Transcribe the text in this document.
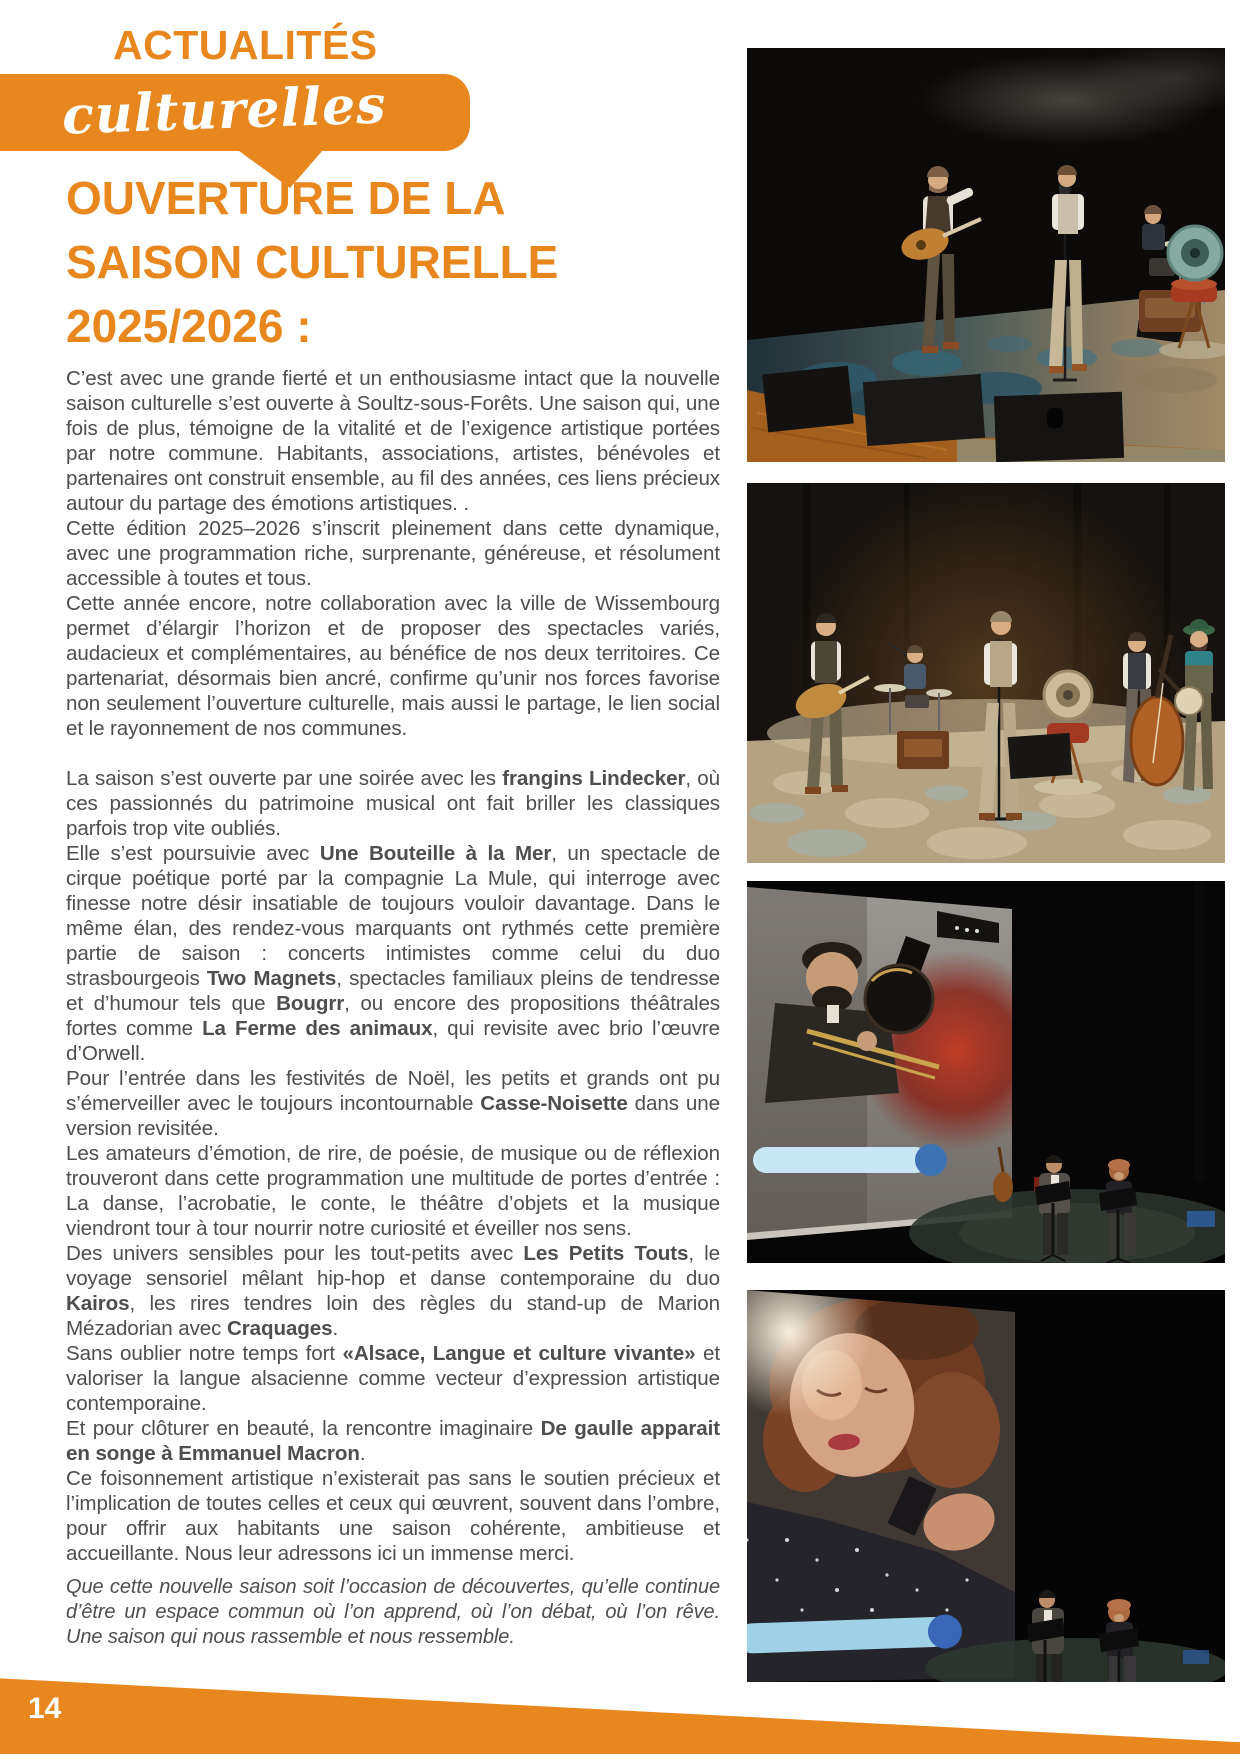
ACTUALITÉS
culturelles
OUVERTURE DE LA
SAISON CULTURELLE
2025/2026 :

C’est avec une grande fierté et un enthousiasme intact que la nouvelle saison culturelle s’est ouverte à Soultz-sous-Forêts. Une saison qui, une fois de plus, témoigne de la vitalité et de l’exigence artistique portées par notre commune. Habitants, associations, artistes, bénévoles et partenaires ont construit ensemble, au fil des années, ces liens précieux autour du partage des émotions artistiques. .

Cette édition 2025–2026 s’inscrit pleinement dans cette dynamique, avec une programmation riche, surprenante, généreuse, et résolument accessible à toutes et tous.

Cette année encore, notre collaboration avec la ville de Wissembourg permet d’élargir l’horizon et de proposer des spectacles variés, audacieux et complémentaires, au bénéfice de nos deux territoires. Ce partenariat, désormais bien ancré, confirme qu’unir nos forces favorise non seulement l’ouverture culturelle, mais aussi le partage, le lien social et le rayonnement de nos communes.

La saison s’est ouverte par une soirée avec les frangins Lindecker, où ces passionnés du patrimoine musical ont fait briller les classiques parfois trop vite oubliés.

Elle s’est poursuivie avec Une Bouteille à la Mer, un spectacle de cirque poétique porté par la compagnie La Mule, qui interroge avec finesse notre désir insatiable de toujours vouloir davantage. Dans le même élan, des rendez-vous marquants ont rythmés cette première partie de saison : concerts intimistes comme celui du duo strasbourgeois Two Magnets, spectacles familiaux pleins de tendresse et d’humour tels que Bougrr, ou encore des propositions théâtrales fortes comme La Ferme des animaux, qui revisite avec brio l’œuvre d’Orwell.

Pour l’entrée dans les festivités de Noël, les petits et grands ont pu s’émerveiller avec le toujours incontournable Casse-Noisette dans une version revisitée.

Les amateurs d’émotion, de rire, de poésie, de musique ou de réflexion trouveront dans cette programmation une multitude de portes d’entrée : La danse, l’acrobatie, le conte, le théâtre d’objets et la musique viendront tour à tour nourrir notre curiosité et éveiller nos sens.

Des univers sensibles pour les tout-petits avec Les Petits Touts, le voyage sensoriel mêlant hip-hop et danse contemporaine du duo Kairos, les rires tendres loin des règles du stand-up de Marion Mézadorian avec Craquages.

Sans oublier notre temps fort «Alsace, Langue et culture vivante» et valoriser la langue alsacienne comme vecteur d’expression artistique contemporaine.

Et pour clôturer en beauté, la rencontre imaginaire De gaulle apparait en songe à Emmanuel Macron.

Ce foisonnement artistique n’existerait pas sans le soutien précieux et l’implication de toutes celles et ceux qui œuvrent, souvent dans l’ombre, pour offrir aux habitants une saison cohérente, ambitieuse et accueillante. Nous leur adressons ici un immense merci.

Que cette nouvelle saison soit l’occasion de découvertes, qu’elle continue d’être un espace commun où l’on apprend, où l’on débat, où l’on rêve. Une saison qui nous rassemble et nous ressemble.

14
